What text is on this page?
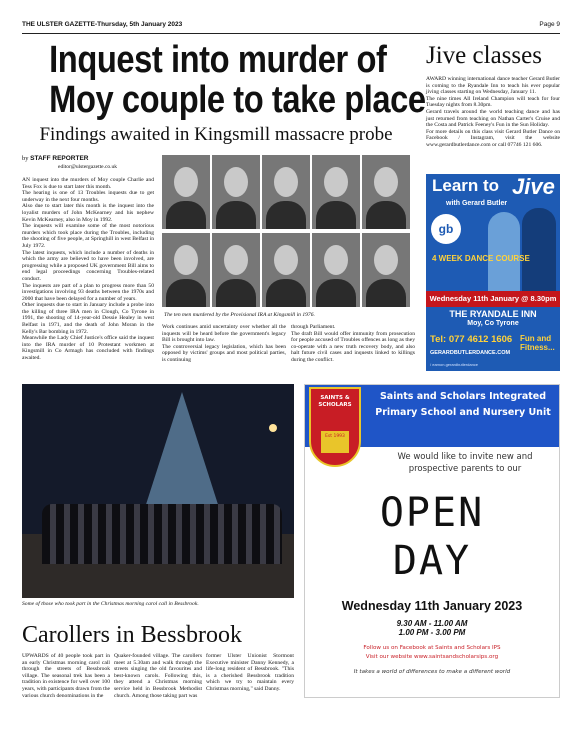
THE ULSTER GAZETTE-Thursday, 5th January 2023	Page 9
Inquest into murder of
Moy couple to take place
Findings awaited in Kingsmill massacre probe
by STAFF REPORTER
editor@ulstergazette.co.uk

AN inquest into the murders of Moy couple Charlie and Tess Fox is due to start later this month.

The hearing is one of 13 Troubles inquests due to get underway in the next four months.

Also due to start later this month is the inquest into the loyalist murders of John McKearney and his nephew Kevin McKearney, also in Moy in 1992.

The inquests will examine some of the most notorious murders which took place during the Troubles, including the shooting of five people, at Springhill in west Belfast in July 1972.

The latest inquests, which include a number of deaths in which the army are believed to have been involved, are progressing while a proposed UK government Bill aims to end legal proceedings concerning Troubles-related conduct.

The inquests are part of a plan to progress more than 50 investigations involving 93 deaths between the 1970s and 2000 that have been delayed for a number of years.

Other inquests due to start in January include a probe into the killing of three IRA men in Clough, Co Tyrone in 1991, the shooting of 14-year-old Dessie Healey in west Belfast in 1971, and the death of John Moran in the Kelly's Bar bombing in 1972.

Meanwhile the Lady Chief Justice's office said the inquest into the IRA murder of 10 Protestant workmen at Kingsmill in Co Armagh has concluded with findings awaited.

The ten men murdered by the Provisional IRA at Kingsmill in 1976.

Work continues amid uncertainty over whether all the inquests will be heard before the government's legacy Bill is brought into law.

The controversial legacy legislation, which has been opposed by victims' groups and most political parties, is continuing

through Parliament.

The draft Bill would offer immunity from prosecution for people accused of Troubles offences as long as they co-operate with a new truth recovery body, and also halt future civil cases and inquests linked to killings during the conflict.

Jive classes

AWARD winning international dance teacher Gerard Butler is coming to the Ryandale Inn to teach his ever popular jiving classes starting on Wednesday, January 11.

The nine times All Ireland Champion will teach for four Tuesday nights from 8.30pm.

Gerard travels around the world teaching dance and has just returned from teaching on Nathan Carter's Cruise and the Costa and Patrick Feeney's Fun in the Sun Holiday.

For more details on this class visit Gerard Butler Dance on Facebook / Instagram, visit the website www.gerardbutlerdance.com or call 07746 121 606.

Learn to Jive
with Gerard Butler
gb
4 WEEK DANCE COURSE
Wednesday 11th January @ 8.30pm
THE RYANDALE INN
Moy, Co Tyrone
Tel: 077 4612 1606 Fun and Fitness...
GERARDBUTLERDANCE.COM
/ eamon.gerardbutlerdance
Some of those who took part in the Christmas morning carol call in Bessbrook.
Carollers in Bessbrook
UPWARDS of 40 people took part in an early Christmas morning carol call through the streets of Bessbrook village. The seasonal trek has been a tradition in existence for well over 100 years, with participants drawn from the various church denominations in the
Quaker-founded village. The carollers meet at 5.30am and walk through the streets singing the old favourites and best-known carols. Following this, they attend a Christmas morning service held in Bessbrook Methodist church. Among those taking part was
former Ulster Unionist Stormont Executive minister Danny Kennedy, a life-long resident of Bessbrook. "This is a cherished Bessbrook tradition which we try to maintain every Christmas morning," said Danny.
SAINTS & SCHOLARS
Est 1993
Saints and Scholars Integrated Primary School and Nursery Unit
We would like to invite new and prospective parents to our
OPEN
DAY
Wednesday 11th January 2023
9.30 AM - 11.00 AM
1.00 PM - 3.00 PM
Follow us on Facebook at Saints and Scholars IPS
Visit our website www.saintsandscholarsips.org
It takes a world of differences to make a different world
